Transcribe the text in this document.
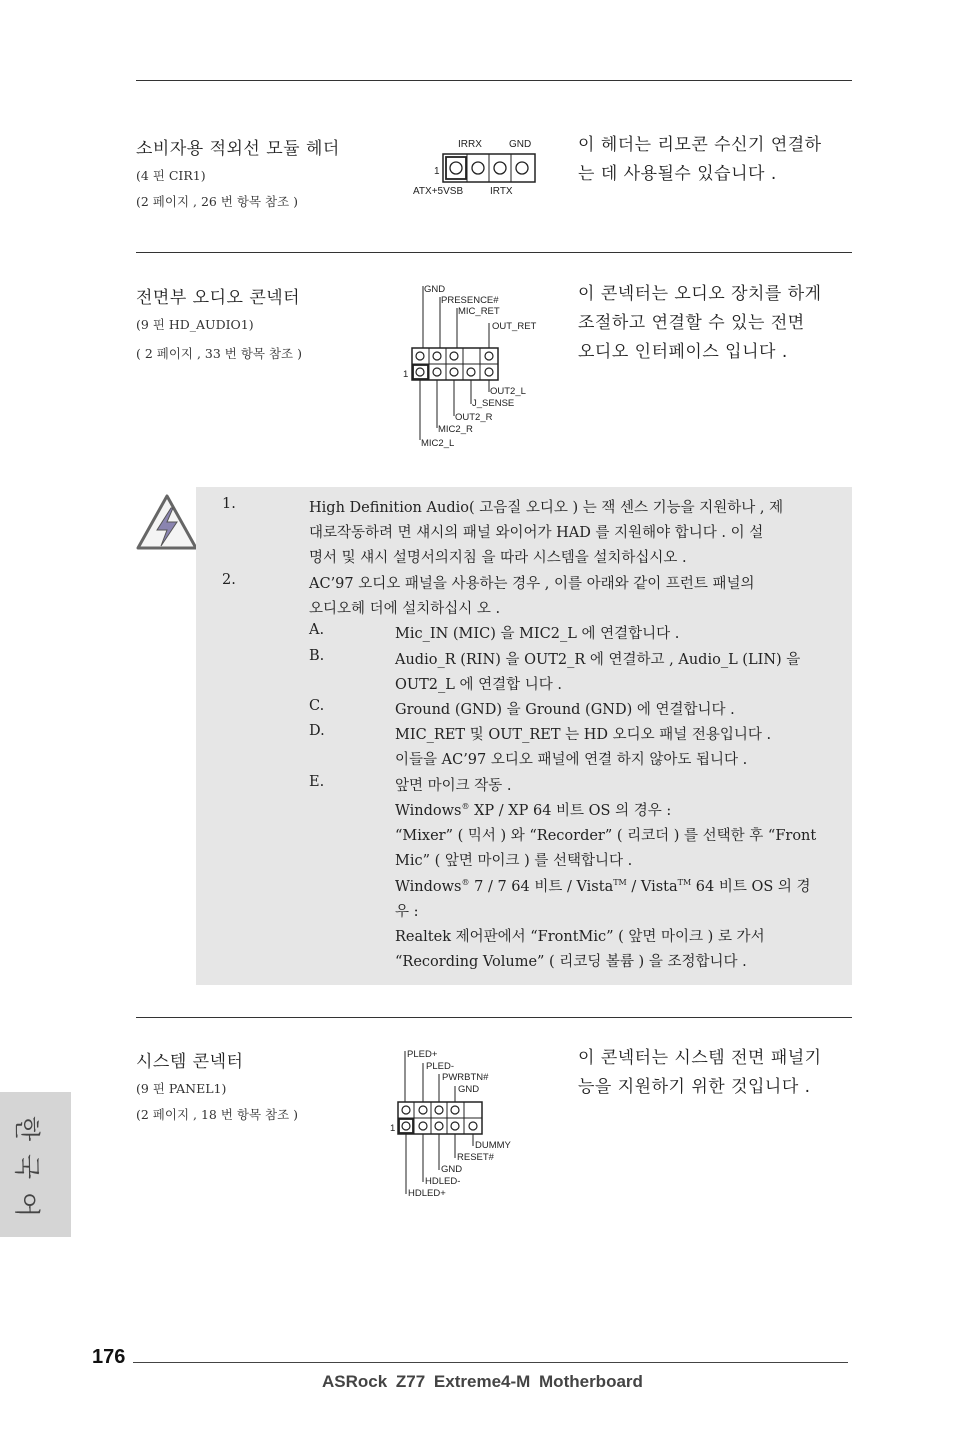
소비자용 적외선 모듈 헤더
(4 핀 CIR1)
(2 페이지 , 26 번 항목 참조 )
IRRX	GND
1
ATX+5VSB	IRTX
이 헤더는 리모콘 수신기 연결하
는 데 사용될수 있습니다 .
전면부 오디오 콘넥터
(9 핀 HD_AUDIO1)
( 2 페이지 , 33 번 항목 참조 )
GND
PRESENCE#
MIC_RET
OUT_RET
1
OUT2_L
J_SENSE
OUT2_R
MIC2_R
MIC2_L
이 콘넥터는 오디오 장치를 하게
조절하고 연결할 수 있는 전면
오디오 인터페이스 입니다 .
1.	High Definition Audio( 고음질 오디오 ) 는 잭 센스 기능을 지원하나 , 제
대로작동하려 면 섀시의 패널 와이어가 HAD 를 지원해야 합니다 . 이 설
명서 및 섀시 설명서의지침 을 따라 시스템을 설치하십시오 .
2.	AC’97 오디오 패널을 사용하는 경우 , 이를 아래와 같이 프런트 패널의
오디오헤 더에 설치하십시 오 .
A.	Mic_IN (MIC) 을 MIC2_L 에 연결합니다 .
B.	Audio_R (RIN) 을 OUT2_R 에 연결하고 , Audio_L (LIN) 을
OUT2_L 에 연결합 니다 .
C.	Ground (GND) 을 Ground (GND) 에 연결합니다 .
D.	MIC_RET 및 OUT_RET 는 HD 오디오 패널 전용입니다 .
이들을 AC’97 오디오 패널에 연결 하지 않아도 됩니다 .
E.	앞면 마이크 작동 .
Windows® XP / XP 64 비트 OS 의 경우 :
“Mixer” ( 믹서 ) 와 “Recorder” ( 리코더 ) 를 선택한 후 “Front
Mic” ( 앞면 마이크 ) 를 선택합니다 .
Windows® 7 / 7 64 비트 / Vista™ / Vista™ 64 비트 OS 의 경
우 :
Realtek 제어판에서 “FrontMic” ( 앞면 마이크 ) 로 가서
“Recording Volume” ( 리코딩 볼륨 ) 을 조정합니다 .
시스템 콘넥터
(9 핀 PANEL1)
(2 페이지 , 18 번 항목 참조 )
PLED+
PLED-
PWRBTN#
GND
1
DUMMY
RESET#
GND
HDLED-
HDLED+
이 콘넥터는 시스템 전면 패널기
능을 지원하기 위한 것입니다 .
한
국
어
176
ASRock Z77 Extreme4-M Motherboard
